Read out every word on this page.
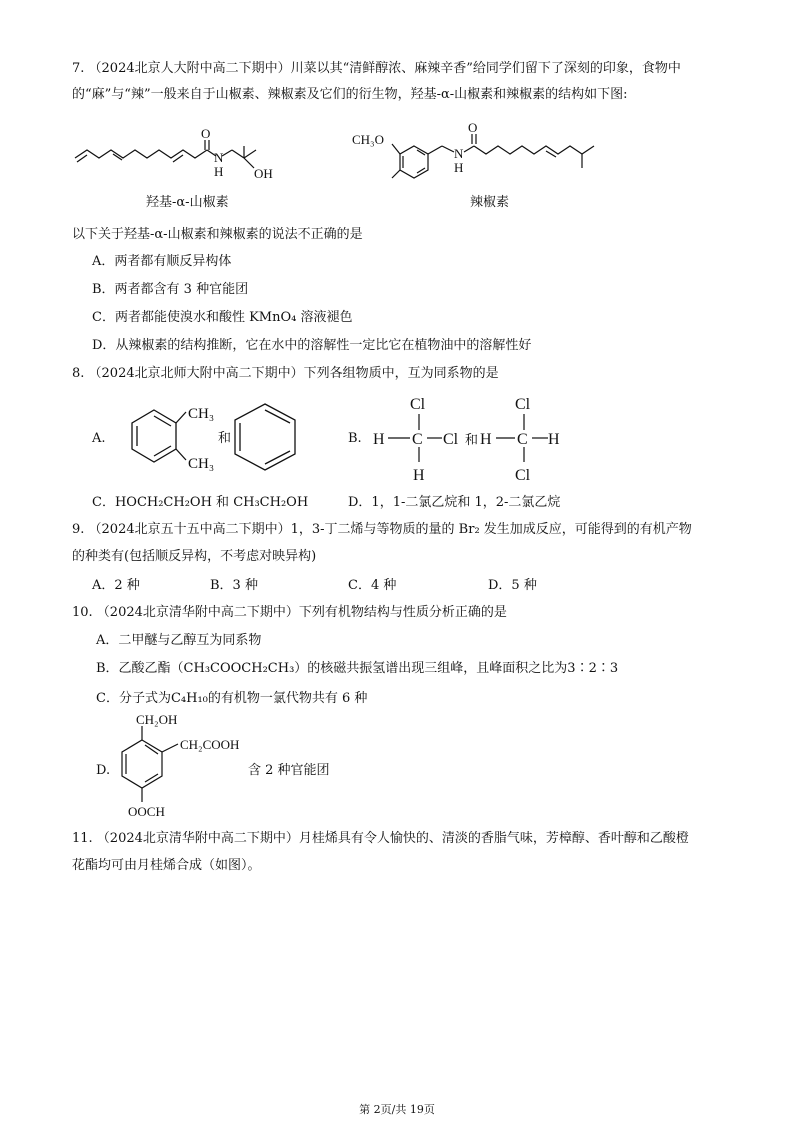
7. （2024北京人大附中高二下期中）川菜以其“清鲜醇浓、麻辣辛香”给同学们留下了深刻的印象，食物中
的“麻”与“辣”一般来自于山椒素、辣椒素及它们的衍生物，羟基-α-山椒素和辣椒素的结构如下图:
O
N
H OH
羟基-α-山椒素
CH₃O
O
N
H
辣椒素
以下关于羟基-α-山椒素和辣椒素的说法不正确的是
A．两者都有顺反异构体
B．两者都含有 3 种官能团
C．两者都能使溴水和酸性 KMnO₄ 溶液褪色
D．从辣椒素的结构推断，它在水中的溶解性一定比它在植物油中的溶解性好
8. （2024北京北师大附中高二下期中）下列各组物质中，互为同系物的是
A.
CH₃
CH₃
和	B.
Cl
H C Cl
H
和 H
Cl
C H
Cl
C．HOCH₂CH₂OH 和 CH₃CH₂OH	D．1，1-二氯乙烷和 1，2-二氯乙烷
9. （2024北京五十五中高二下期中）1，3-丁二烯与等物质的量的 Br₂ 发生加成反应，可能得到的有机产物
的种类有(包括顺反异构，不考虑对映异构)
A．2 种	B．3 种	C．4 种	D．5 种
10. （2024北京清华附中高二下期中）下列有机物结构与性质分析正确的是
A．二甲醚与乙醇互为同系物
B．乙酸乙酯（CH₃COOCH₂CH₃）的核磁共振氢谱出现三组峰，且峰面积之比为3∶2∶3
C．分子式为C₄H₁₀的有机物一氯代物共有 6 种
D.
CH₂OH
CH₂COOH
OOCH
含 2 种官能团
11. （2024北京清华附中高二下期中）月桂烯具有令人愉快的、清淡的香脂气味，芳樟醇、香叶醇和乙酸橙
花酯均可由月桂烯合成（如图）。
第 2页/共 19页
